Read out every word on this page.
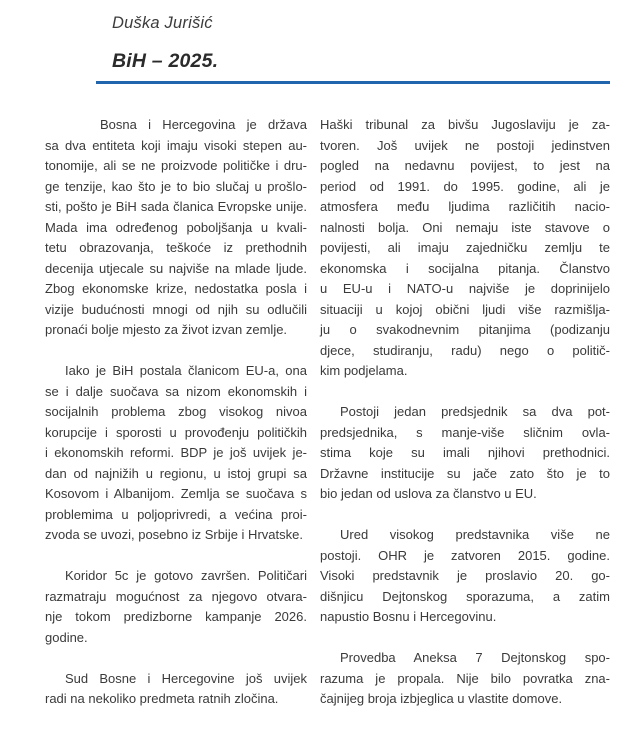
Duška Jurišić
BiH – 2025.

Bosna i Hercegovina je država
sa dva entiteta koji imaju visoki stepen au-
tonomije, ali se ne proizvode političke i dru-
ge tenzije, kao što je to bio slučaj u prošlo-
sti, pošto je BiH sada članica Evropske unije.
Mada ima određenog poboljšanja u kvali-
tetu obrazovanja, teškoće iz prethodnih
decenija utjecale su najviše na mlade ljude.
Zbog ekonomske krize, nedostatka posla i
vizije budućnosti mnogi od njih su odlučili
pronaći bolje mjesto za život izvan zemlje.

Iako je BiH postala članicom EU-a, ona
se i dalje suočava sa nizom ekonomskih i
socijalnih problema zbog visokog nivoa
korupcije i sporosti u provođenju političkih
i ekonomskih reformi. BDP je još uvijek je-
dan od najnižih u regionu, u istoj grupi sa
Kosovom i Albanijom. Zemlja se suočava s
problemima u poljoprivredi, a većina proi-
zvoda se uvozi, posebno iz Srbije i Hrvatske.

Koridor 5c je gotovo završen. Političari
razmatraju mogućnost za njegovo otvara-
nje tokom predizborne kampanje 2026.
godine.

Sud Bosne i Hercegovine još uvijek
radi na nekoliko predmeta ratnih zločina.

Haški tribunal za bivšu Jugoslaviju je za-
tvoren. Još uvijek ne postoji jedinstven
pogled na nedavnu povijest, to jest na
period od 1991. do 1995. godine, ali je
atmosfera među ljudima različitih nacio-
nalnosti bolja. Oni nemaju iste stavove o
povijesti, ali imaju zajedničku zemlju te
ekonomska i socijalna pitanja. Članstvo
u EU-u i NATO-u najviše je doprinijelo
situaciji u kojoj obični ljudi više razmišlja-
ju o svakodnevnim pitanjima (podizanju
djece, studiranju, radu) nego o politič-
kim podjelama.

Postoji jedan predsjednik sa dva pot-
predsjednika, s manje-više sličnim ovla-
stima koje su imali njihovi prethodnici.
Državne institucije su jače zato što je to
bio jedan od uslova za članstvo u EU.

Ured visokog predstavnika više ne
postoji. OHR je zatvoren 2015. godine.
Visoki predstavnik je proslavio 20. go-
dišnjicu Dejtonskog sporazuma, a zatim
napustio Bosnu i Hercegovinu.

Provedba Aneksa 7 Dejtonskog spo-
razuma je propala. Nije bilo povratka zna-
čajnijeg broja izbjeglica u vlastite domove.
